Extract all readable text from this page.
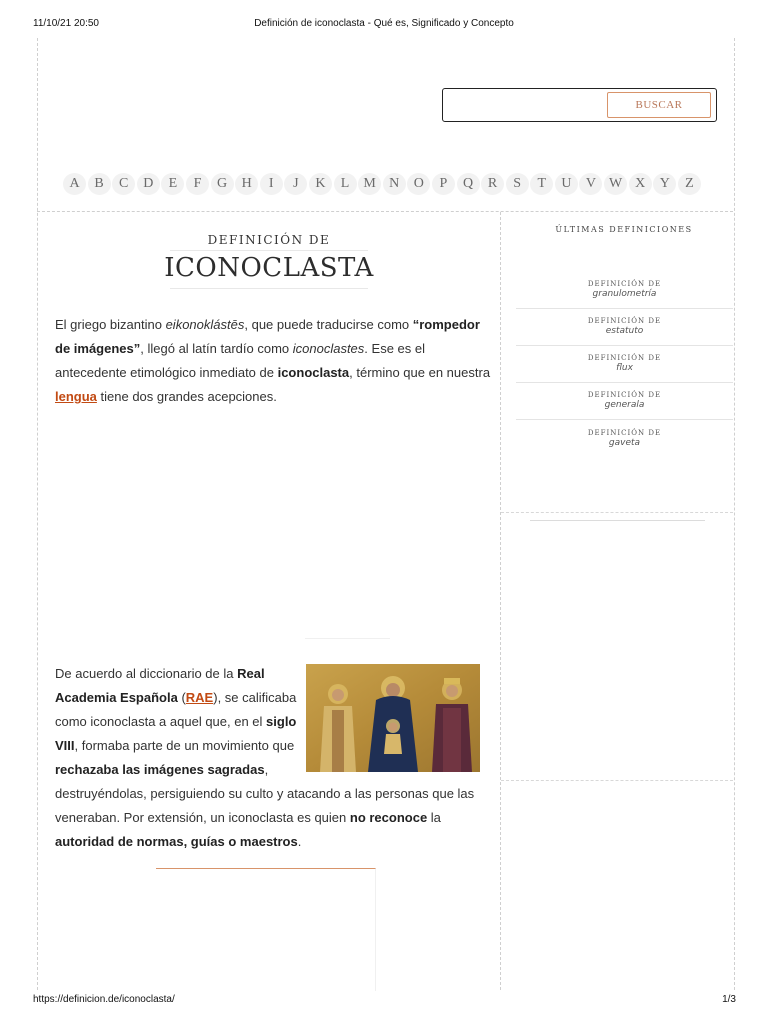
11/10/21 20:50	Definición de iconoclasta - Qué es, Significado y Concepto
BUSCAR
A	B	C	D	E	F	G	H	I	J	K	L	M N	O	P	Q	R	S	T	U	V W X	Y	Z
DEFINICIÓN DE
ICONOCLASTA
El griego bizantino eikonoklástēs, que puede traducirse como “rompedor de imágenes”, llegó al latín tardío como iconoclastes. Ese es el antecedente etimológico inmediato de iconoclasta, término que en nuestra lengua tiene dos grandes acepciones.
De acuerdo al diccionario de la Real Academia Española (RAE), se calificaba como iconoclasta a aquel que, en el siglo VIII, formaba parte de un movimiento que rechazaba las imágenes sagradas,
destruyéndolas, persiguiendo su culto y atacando a las personas que las veneraban. Por extensión, un iconoclasta es quien no reconoce la autoridad de normas, guías o maestros.
ÚLTIMAS DEFINICIONES
DEFINICIÓN DE
granulometría
DEFINICIÓN DE
estatuto
DEFINICIÓN DE
flux
DEFINICIÓN DE
generala
DEFINICIÓN DE
gaveta
https://definicion.de/iconoclasta/	1/3
